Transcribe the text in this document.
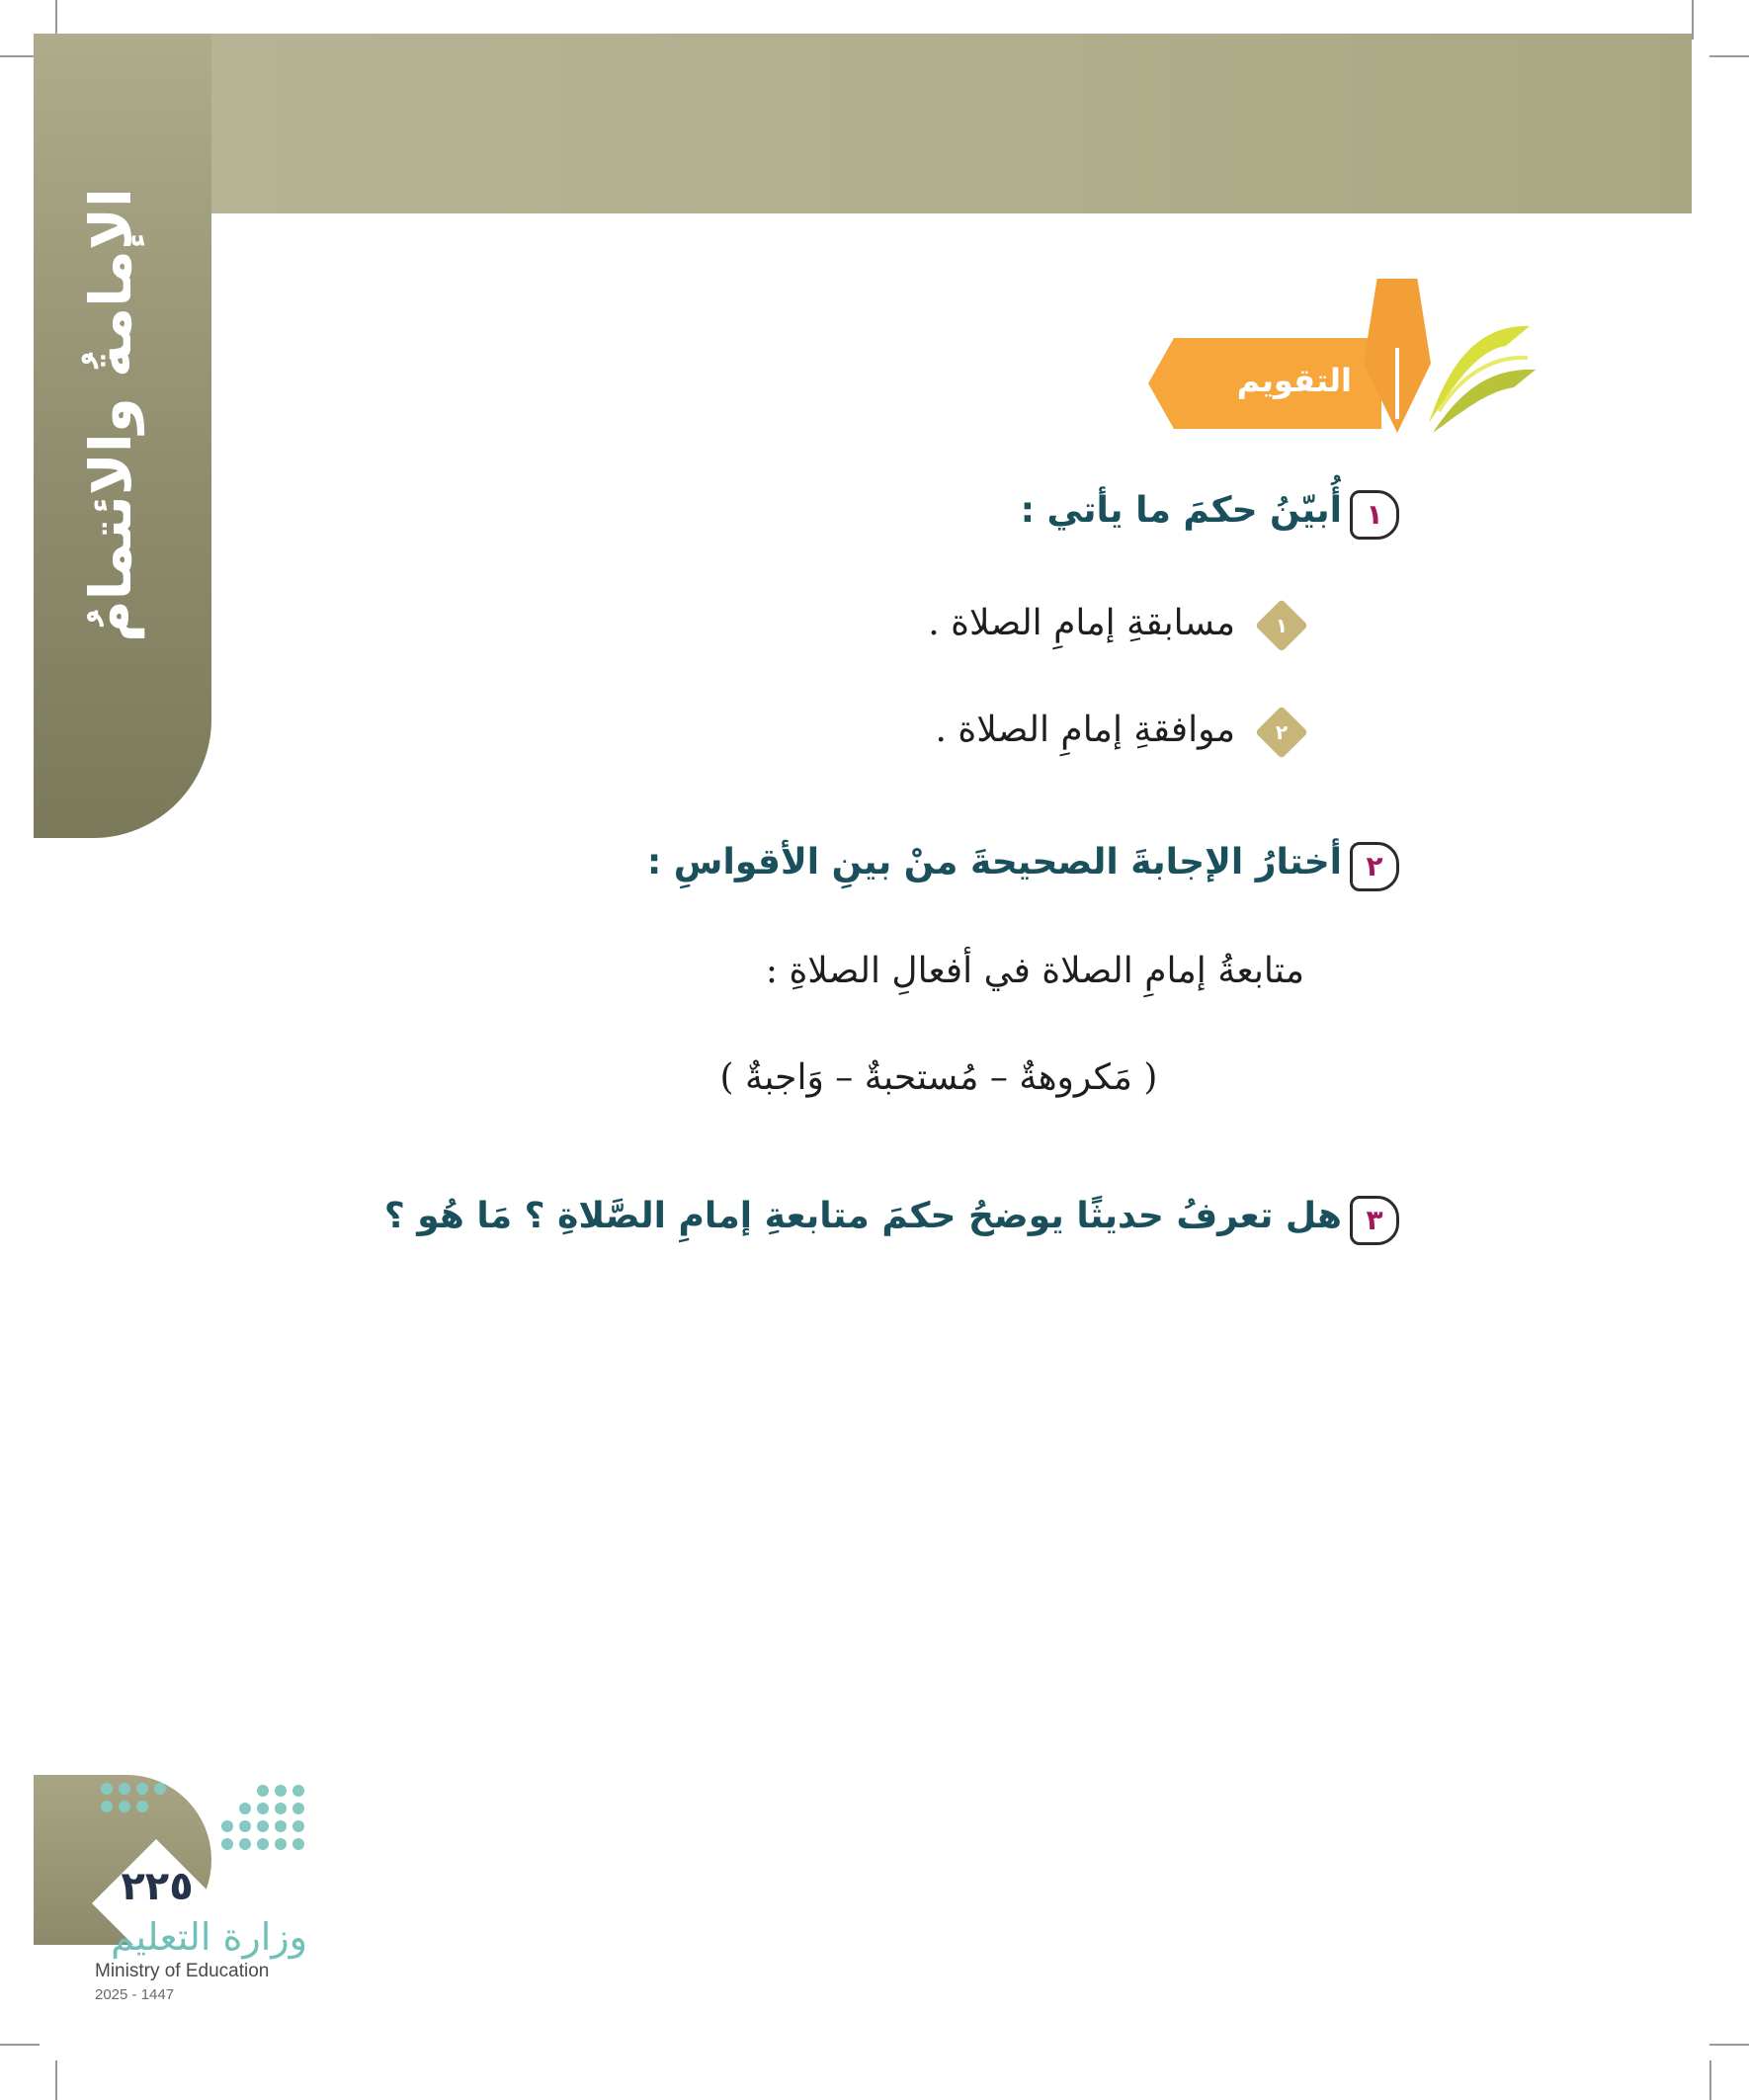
الإمامةُ والائتمامُ	التقويم
١
أُبيّنُ حكمَ ما يأتي :
١
مسابقةِ إمامِ الصلاة .
٢
موافقةِ إمامِ الصلاة .
٢
أختارُ الإجابةَ الصحيحةَ منْ بينِ الأقواسِ :
متابعةُ إمامِ الصلاة في أفعالِ الصلاةِ :
( مَكروهةٌ – مُستحبةٌ – وَاجبةٌ )
٣
هل تعرفُ حديثًا يوضحُ حكمَ متابعةِ إمامِ الصَّلاةِ ؟ مَا هُو ؟
٢٢٥
وزارة التعليم
Ministry of Education
2025 - 1447
